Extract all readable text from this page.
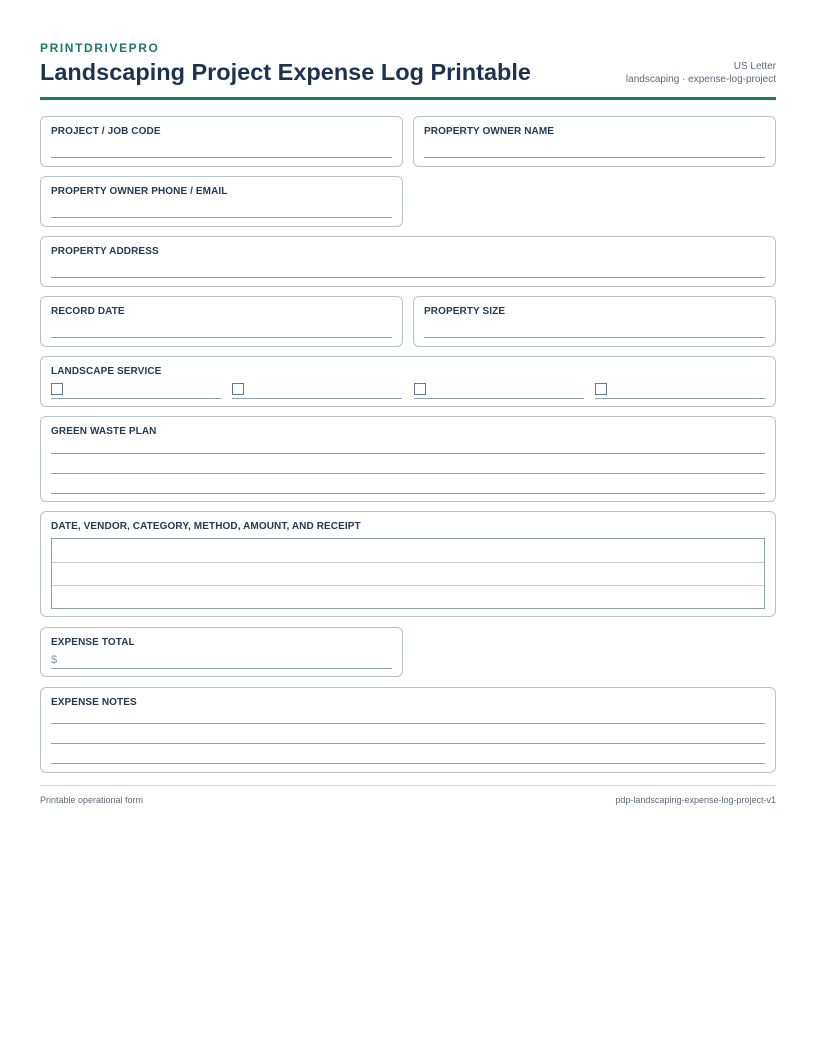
PRINTDRIVEPRO
Landscaping Project Expense Log Printable	US Letter
landscaping · expense-log-project
PROJECT / JOB CODE	PROPERTY OWNER NAME
PROPERTY OWNER PHONE / EMAIL
PROPERTY ADDRESS
RECORD DATE	PROPERTY SIZE
LANDSCAPE SERVICE
GREEN WASTE PLAN
DATE, VENDOR, CATEGORY, METHOD, AMOUNT, AND RECEIPT
EXPENSE TOTAL
$
EXPENSE NOTES
Printable operational form	pdp-landscaping-expense-log-project-v1
